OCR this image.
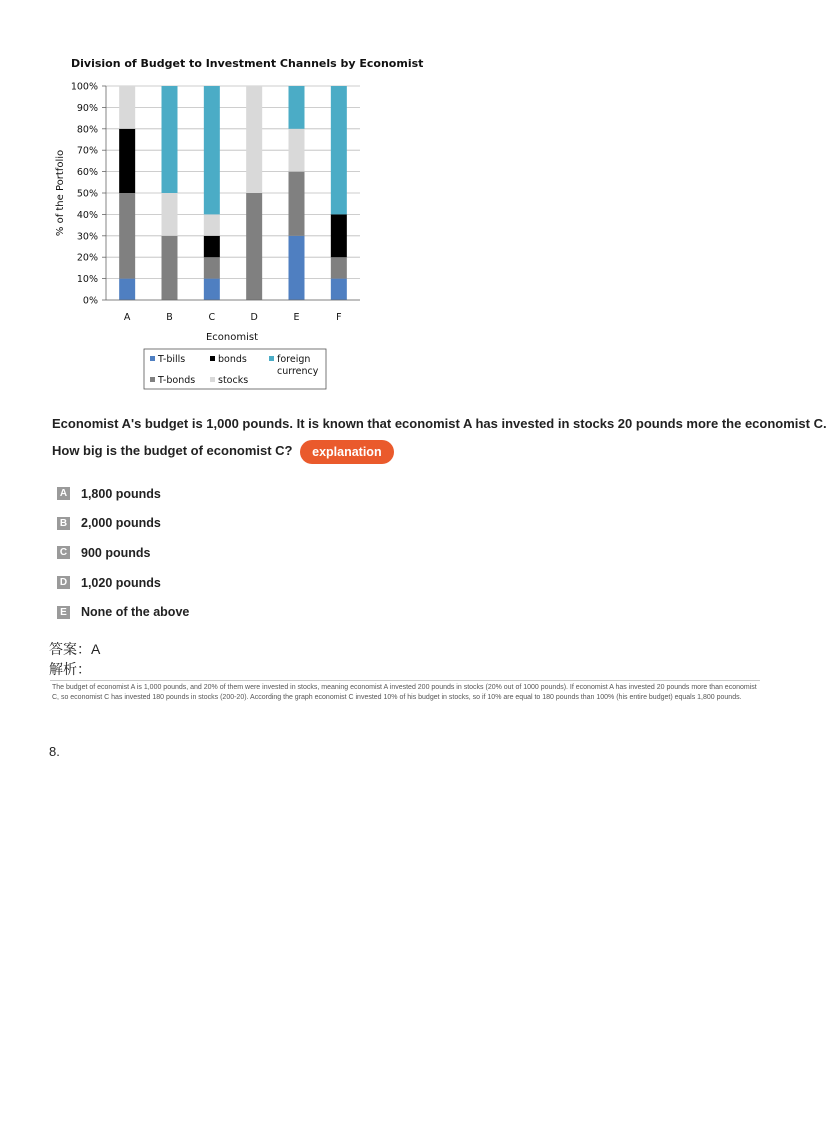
Division of Budget to Investment Channels by Economist
0%
10%
20%
30%
40%
50%
60%
70%
80%
90%
100%
A	B	C	D	E	F
% of the Portfolio
Economist
T-bills	bonds	foreign
currency
T-bonds stocks
Economist A's budget is 1,000 pounds. It is known that economist A has invested in stocks 20 pounds more the economist C.
How big is the budget of economist C? explanation
A 1,800 pounds
B 2,000 pounds
C 900 pounds
D 1,020 pounds
E None of the above
答案：A
解析：
The budget of economist A is 1,000 pounds, and 20% of them were invested in stocks, meaning economist A invested 200 pounds in stocks (20% out of 1000 pounds). If economist A has invested 20 pounds more than economist C, so economist C has invested 180 pounds in stocks (200-20). According the graph economist C invested 10% of his budget in stocks, so if 10% are equal to 180 pounds than 100% (his entire budget) equals 1,800 pounds.
8.
